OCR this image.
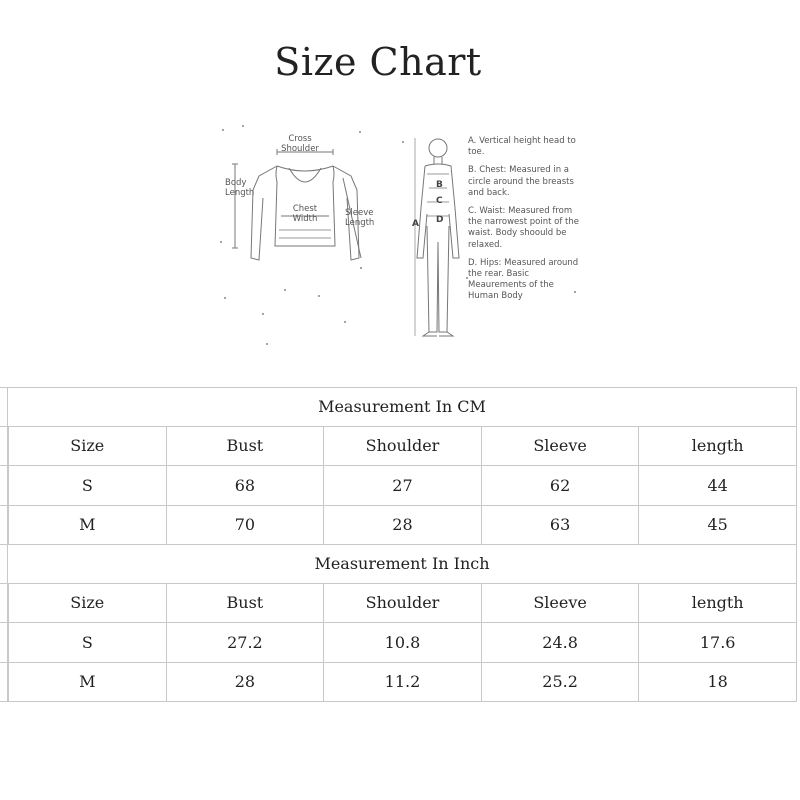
Size Chart
Cross
Shoulder
Body
Length
Chest
Width
Sleeve
Length	A
B
C
D
A. Vertical height head to toe.
B. Chest: Measured in a circle around the breasts and back.
C. Waist: Measured from the narrowest point of the waist. Body shoould be relaxed.
D. Hips: Measured around the rear. Basic Meaurements of the Human Body
Measurement In CM
Size	Bust	Shoulder	Sleeve	length
S	68	27	62	44
M	70	28	63	45
Measurement In Inch
Size	Bust	Shoulder	Sleeve	length
S	27.2	10.8	24.8	17.6
M	28	11.2	25.2	18
